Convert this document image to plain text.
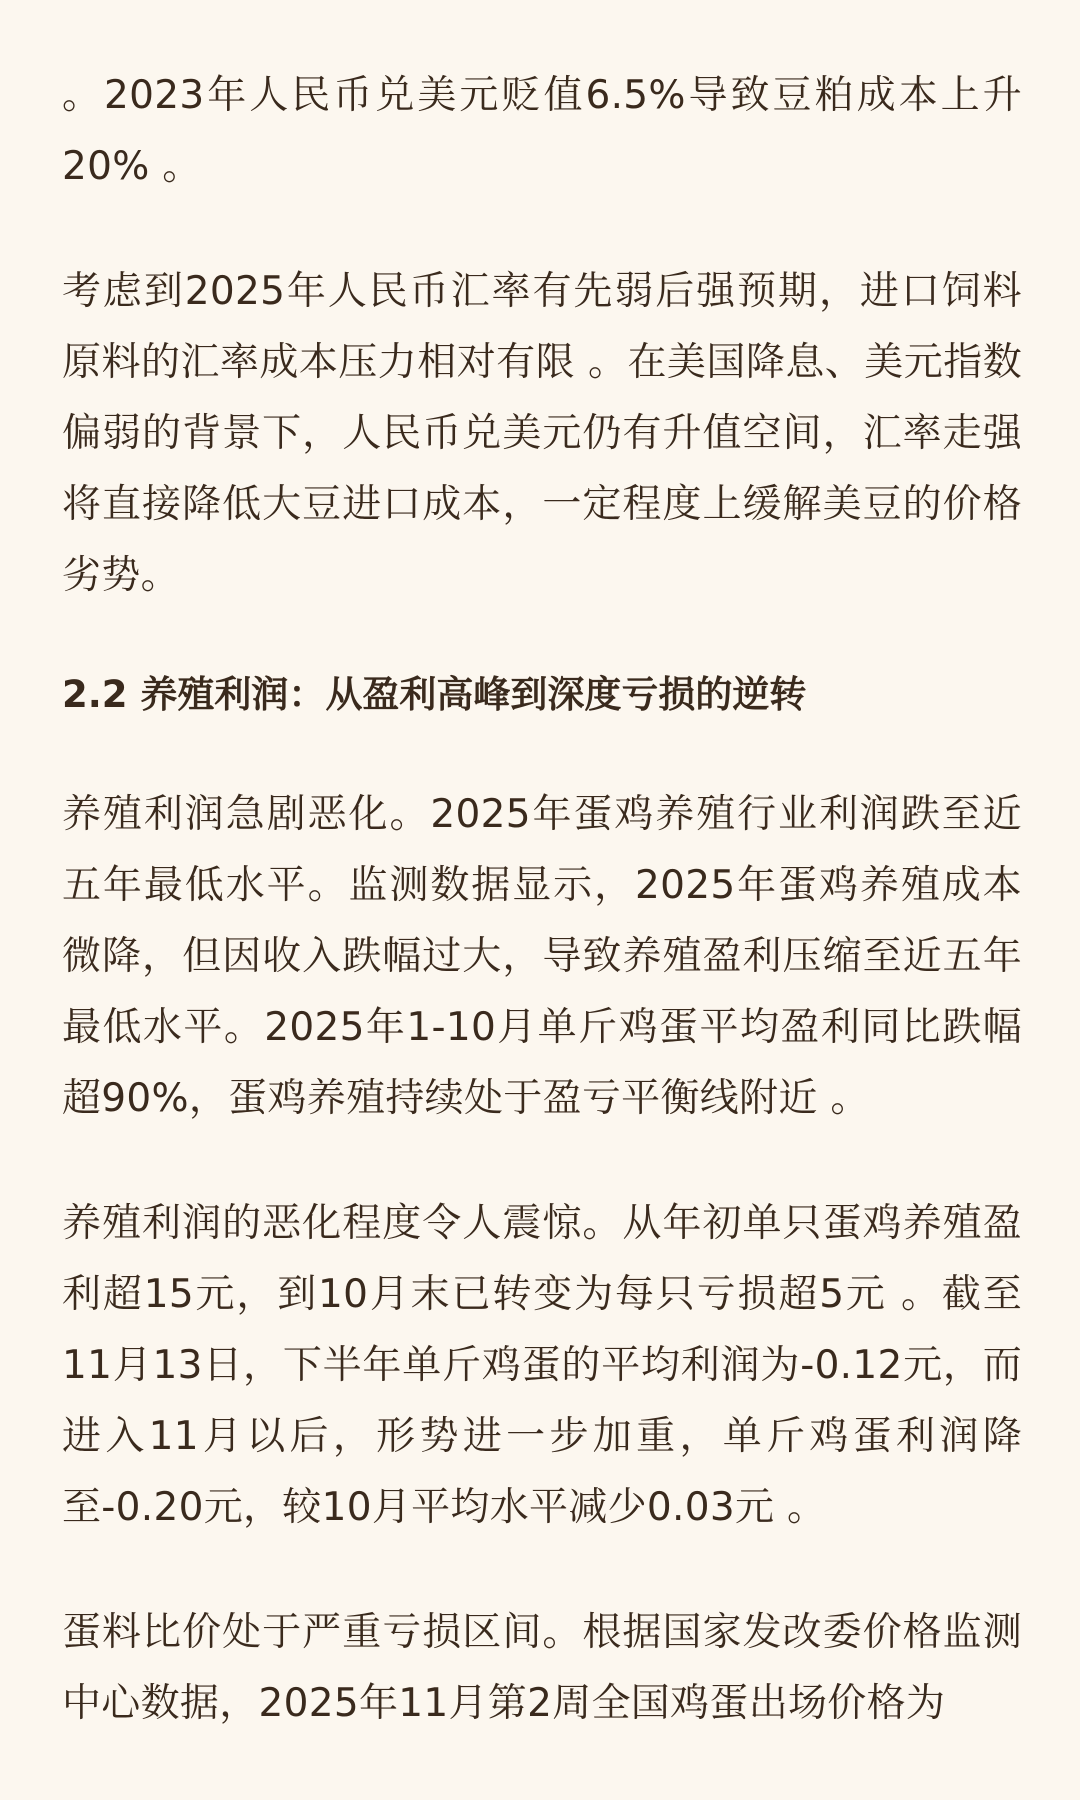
。2023年人民币兑美元贬值6.5%导致豆粕成本上升20% 。

考虑到2025年人民币汇率有先弱后强预期，进口饲料原料的汇率成本压力相对有限 。在美国降息、美元指数偏弱的背景下，人民币兑美元仍有升值空间，汇率走强将直接降低大豆进口成本，一定程度上缓解美豆的价格劣势。

2.2 养殖利润：从盈利高峰到深度亏损的逆转

养殖利润急剧恶化。2025年蛋鸡养殖行业利润跌至近五年最低水平。监测数据显示，2025年蛋鸡养殖成本微降，但因收入跌幅过大，导致养殖盈利压缩至近五年最低水平。2025年1-10月单斤鸡蛋平均盈利同比跌幅超90%，蛋鸡养殖持续处于盈亏平衡线附近 。

养殖利润的恶化程度令人震惊。从年初单只蛋鸡养殖盈利超15元，到10月末已转变为每只亏损超5元 。截至11月13日，下半年单斤鸡蛋的平均利润为-0.12元，而进入11月以后，形势进一步加重，单斤鸡蛋利润降至-0.20元，较10月平均水平减少0.03元 。

蛋料比价处于严重亏损区间。根据国家发改委价格监测中心数据，2025年11月第2周全国鸡蛋出场价格为
